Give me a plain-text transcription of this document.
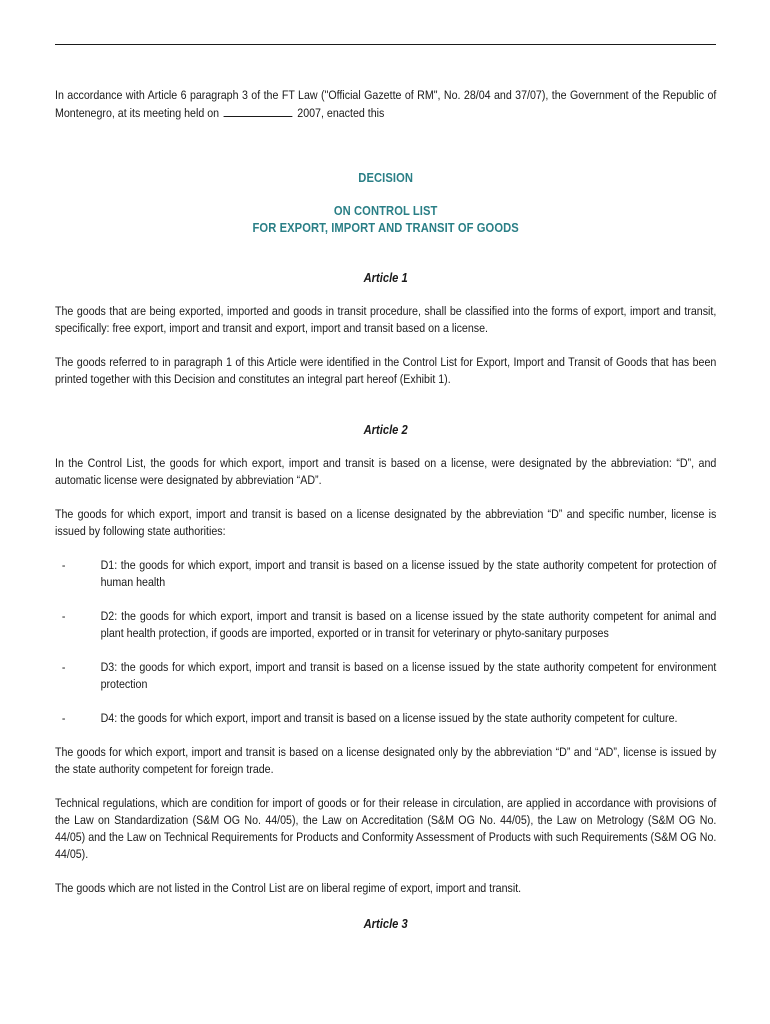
In accordance with Article 6 paragraph 3 of the FT Law ("Official Gazette of RM", No. 28/04 and 37/07), the Government of the Republic of Montenegro, at its meeting held on	2007, enacted this

DECISION
ON CONTROL LIST
FOR EXPORT, IMPORT AND TRANSIT OF GOODS
Article 1

The goods that are being exported, imported and goods in transit procedure, shall be classified into the forms of export, import and transit, specifically: free export, import and transit and export, import and transit based on a license.

The goods referred to in paragraph 1 of this Article were identified in the Control List for Export, Import and Transit of Goods that has been printed together with this Decision and constitutes an integral part hereof (Exhibit 1).

Article 2

In the Control List, the goods for which export, import and transit is based on a license, were designated by the abbreviation: “D”, and automatic license were designated by abbreviation “AD”.

The goods for which export, import and transit is based on a license designated by the abbreviation “D” and specific number, license is issued by following state authorities:

-	D1: the goods for which export, import and transit is based on a license issued by the state authority competent for protection of human health
-	D2: the goods for which export, import and transit is based on a license issued by the state authority competent for animal and plant health protection, if goods are imported, exported or in transit for veterinary or phyto-sanitary purposes
-	D3: the goods for which export, import and transit is based on a license issued by the state authority competent for environment protection
-	D4: the goods for which export, import and transit is based on a license issued by the state authority competent for culture.

The goods for which export, import and transit is based on a license designated only by the abbreviation “D” and “AD”, license is issued by the state authority competent for foreign trade.

Technical regulations, which are condition for import of goods or for their release in circulation, are applied in accordance with provisions of the Law on Standardization (S&M OG No. 44/05), the Law on Accreditation (S&M OG No. 44/05), the Law on Metrology (S&M OG No. 44/05) and the Law on Technical Requirements for Products and Conformity Assessment of Products with such Requirements (S&M OG No. 44/05).

The goods which are not listed in the Control List are on liberal regime of export, import and transit.

Article 3
